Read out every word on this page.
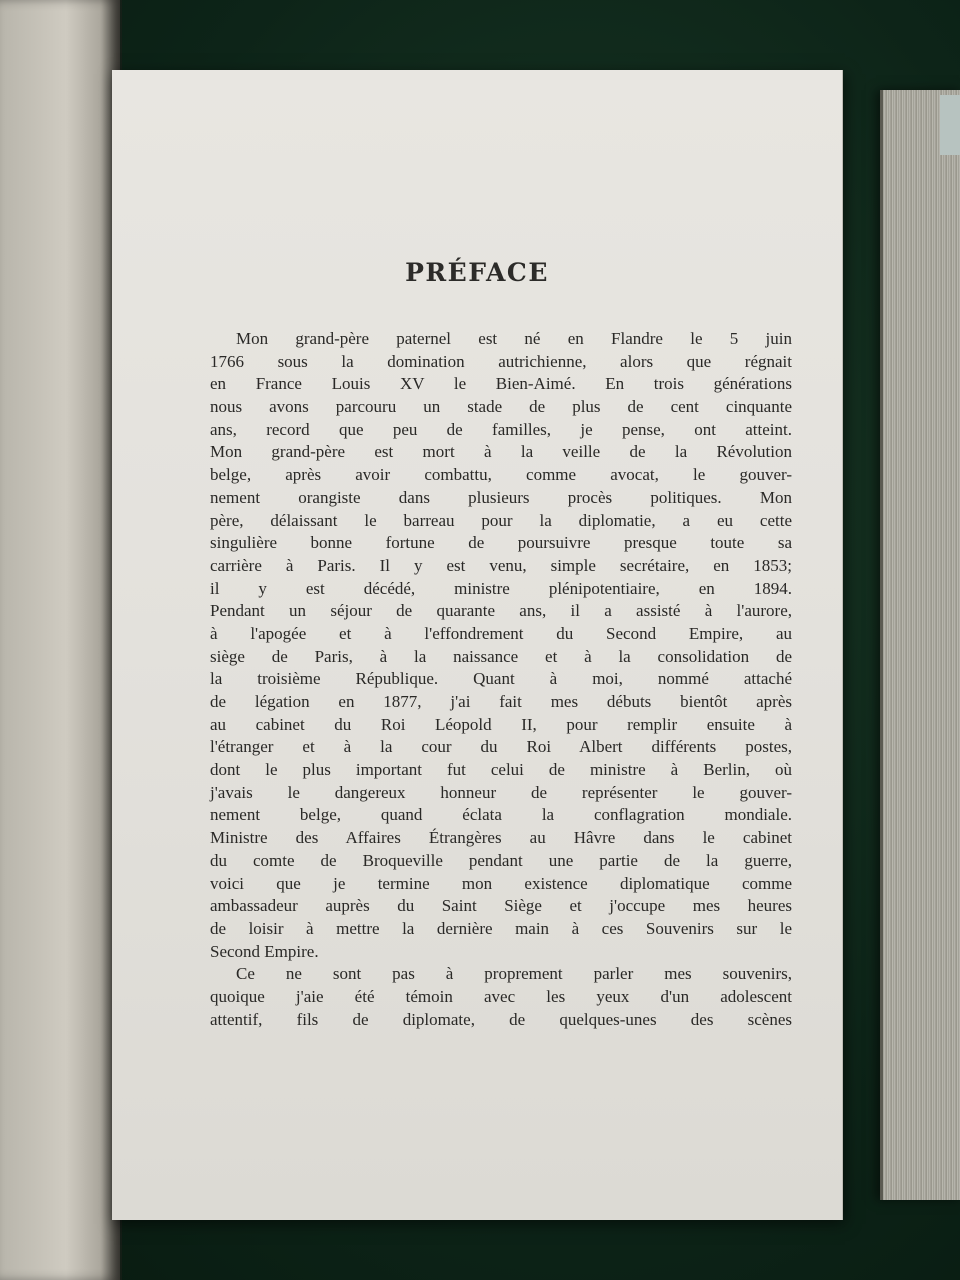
PRÉFACE
Mon grand-père paternel est né en Flandre le 5 juin
1766 sous la domination autrichienne, alors que régnait
en France Louis XV le Bien-Aimé. En trois générations
nous avons parcouru un stade de plus de cent cinquante
ans, record que peu de familles, je pense, ont atteint.
Mon grand-père est mort à la veille de la Révolution
belge, après avoir combattu, comme avocat, le gouver-
nement orangiste dans plusieurs procès politiques. Mon
père, délaissant le barreau pour la diplomatie, a eu cette
singulière bonne fortune de poursuivre presque toute sa
carrière à Paris. Il y est venu, simple secrétaire, en 1853;
il y est décédé, ministre plénipotentiaire, en 1894.
Pendant un séjour de quarante ans, il a assisté à l'aurore,
à l'apogée et à l'effondrement du Second Empire, au
siège de Paris, à la naissance et à la consolidation de
la troisième République. Quant à moi, nommé attaché
de légation en 1877, j'ai fait mes débuts bientôt après
au cabinet du Roi Léopold II, pour remplir ensuite à
l'étranger et à la cour du Roi Albert différents postes,
dont le plus important fut celui de ministre à Berlin, où
j'avais le dangereux honneur de représenter le gouver-
nement belge, quand éclata la conflagration mondiale.
Ministre des Affaires Étrangères au Hâvre dans le cabinet
du comte de Broqueville pendant une partie de la guerre,
voici que je termine mon existence diplomatique comme
ambassadeur auprès du Saint Siège et j'occupe mes heures
de loisir à mettre la dernière main à ces Souvenirs sur le
Second Empire.
Ce ne sont pas à proprement parler mes souvenirs,
quoique j'aie été témoin avec les yeux d'un adolescent
attentif, fils de diplomate, de quelques-unes des scènes
